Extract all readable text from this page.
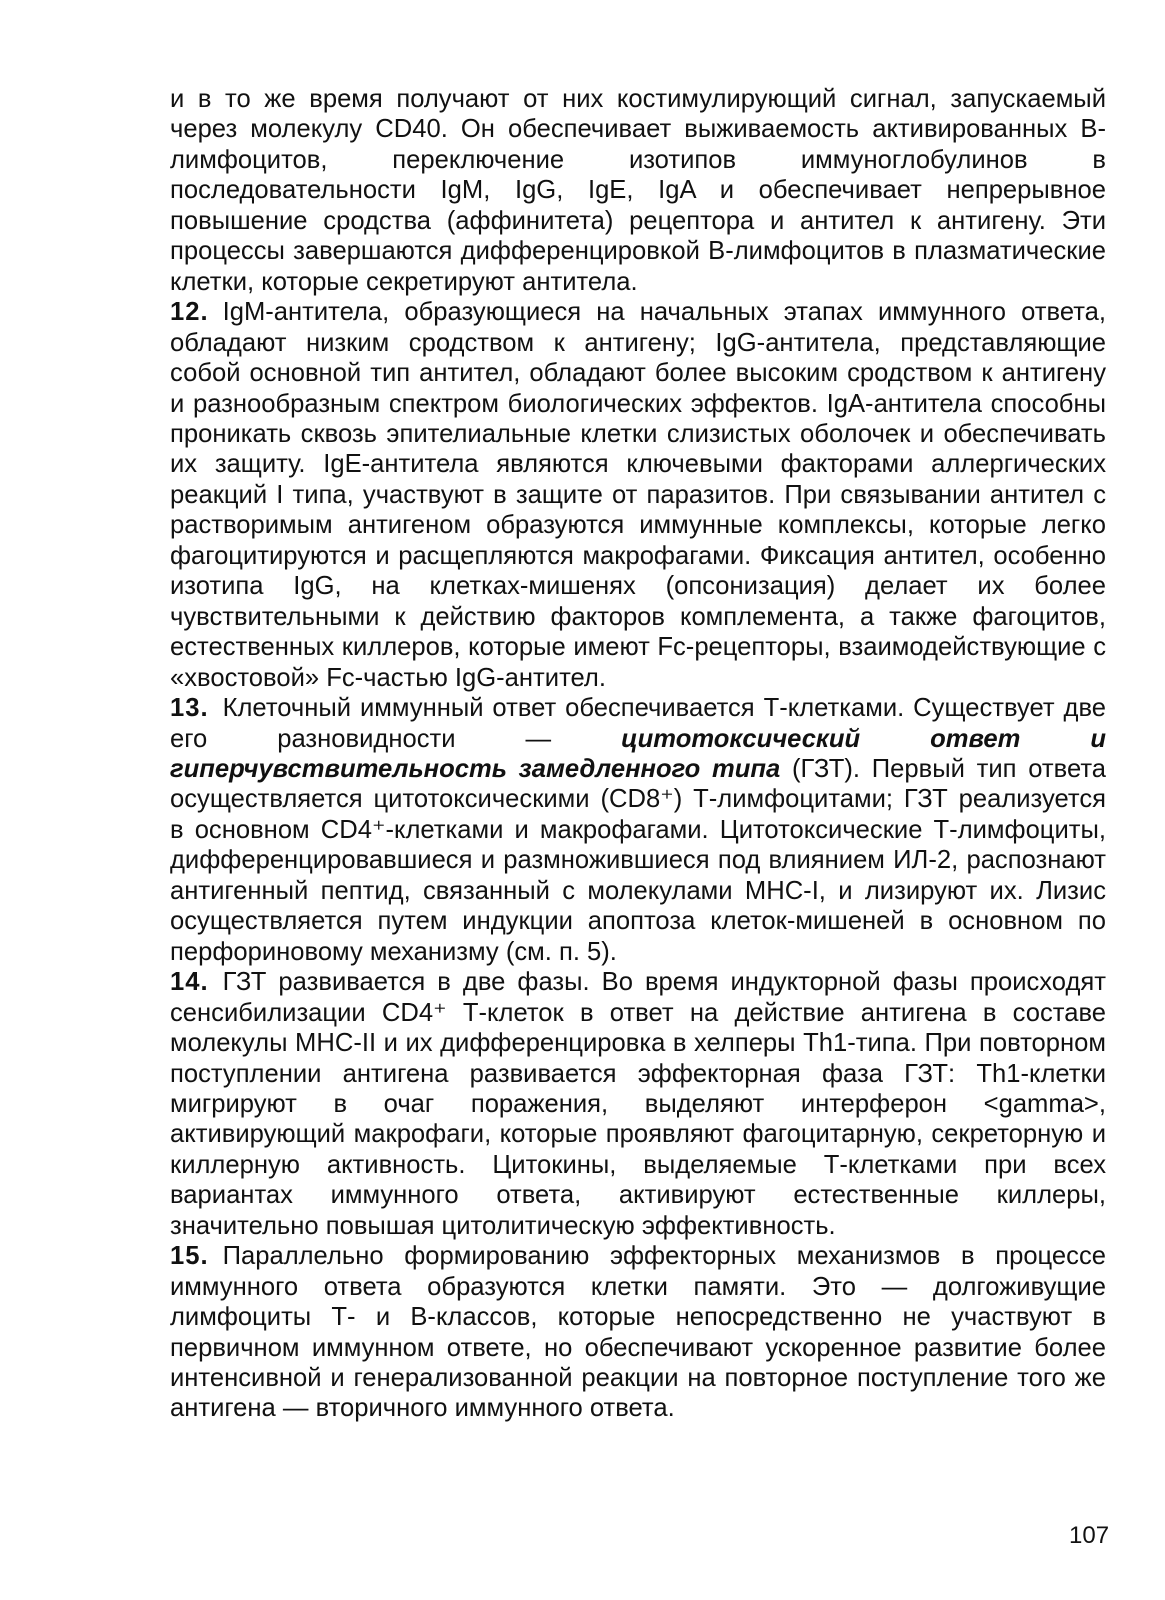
и в то же время получают от них костимулирующий сигнал, запускаемый через молекулу CD40. Он обеспечивает выживаемость активированных В-лимфоцитов, переключение изотипов иммуноглобулинов в последовательности IgM, IgG, IgE, IgA и обеспечивает непрерывное повышение сродства (аффинитета) рецептора и антител к антигену. Эти процессы завершаются дифференцировкой В-лимфоцитов в плазматические клетки, которые секретируют антитела.

12. IgM-антитела, образующиеся на начальных этапах иммунного ответа, обладают низким сродством к антигену; IgG-антитела, представляющие собой основной тип антител, обладают более высоким сродством к антигену и разнообразным спектром биологических эффектов. IgA-антитела способны проникать сквозь эпителиальные клетки слизистых оболочек и обеспечивать их защиту. IgE-антитела являются ключевыми факторами аллергических реакций I типа, участвуют в защите от паразитов. При связывании антител с растворимым антигеном образуются иммунные комплексы, которые легко фагоцитируются и расщепляются макрофагами. Фиксация антител, особенно изотипа IgG, на клетках-мишенях (опсонизация) делает их более чувствительными к действию факторов комплемента, а также фагоцитов, естественных киллеров, которые имеют Fc-рецепторы, взаимодействующие с «хвостовой» Fc-частью IgG-антител.

13. Клеточный иммунный ответ обеспечивается Т-клетками. Существует две его разновидности — цитотоксический ответ и гиперчувствительность замедленного типа (ГЗТ). Первый тип ответа осуществляется цитотоксическими (CD8⁺) Т-лимфоцитами; ГЗТ реализуется в основном CD4⁺-клетками и макрофагами. Цитотоксические Т-лимфоциты, дифференцировавшиеся и размножившиеся под влиянием ИЛ-2, распознают антигенный пептид, связанный с молекулами МНС-I, и лизируют их. Лизис осуществляется путем индукции апоптоза клеток-мишеней в основном по перфориновому механизму (см. п. 5).

14. ГЗТ развивается в две фазы. Во время индукторной фазы происходят сенсибилизации CD4⁺ Т-клеток в ответ на действие антигена в составе молекулы МНС-II и их дифференцировка в хелперы Th1-типа. При повторном поступлении антигена развивается эффекторная фаза ГЗТ: Th1-клетки мигрируют в очаг поражения, выделяют интерферон <gamma>, активирующий макрофаги, которые проявляют фагоцитарную, секреторную и киллерную активность. Цитокины, выделяемые Т-клетками при всех вариантах иммунного ответа, активируют естественные киллеры, значительно повышая цитолитическую эффективность.

15. Параллельно формированию эффекторных механизмов в процессе иммунного ответа образуются клетки памяти. Это — долгоживущие лимфоциты Т- и В-классов, которые непосредственно не участвуют в первичном иммунном ответе, но обеспечивают ускоренное развитие более интенсивной и генерализованной реакции на повторное поступление того же антигена — вторичного иммунного ответа.

107
